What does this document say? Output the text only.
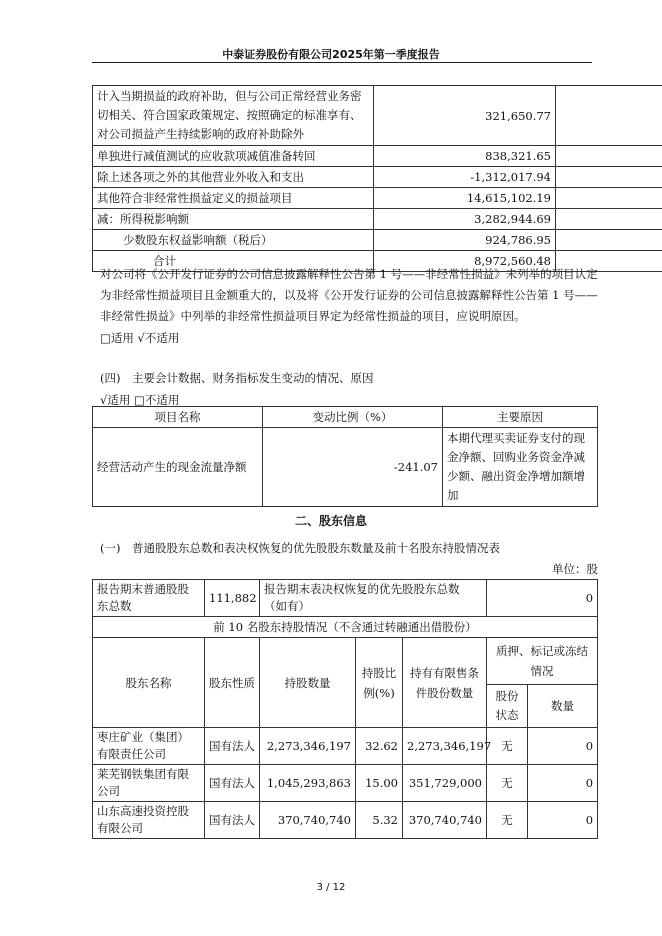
中泰证券股份有限公司2025年第一季度报告
计入当期损益的政府补助，但与公司正常经营业务密切相关、符合国家政策规定、按照确定的标准享有、对公司损益产生持续影响的政府补助除外	321,650.77	
单独进行减值测试的应收款项减值准备转回	838,321.65	
除上述各项之外的其他营业外收入和支出	-1,312,017.94	
其他符合非经常性损益定义的损益项目	14,615,102.19	
减：所得税影响额	3,282,944.69	
少数股东权益影响额（税后）	924,786.95	
合计	8,972,560.48	
对公司将《公开发行证券的公司信息披露解释性公告第 1 号——非经常性损益》未列举的项目认定为非经常性损益项目且金额重大的，以及将《公开发行证券的公司信息披露解释性公告第 1 号——非经常性损益》中列举的非经常性损益项目界定为经常性损益的项目，应说明原因。
□适用 √不适用
(四)　主要会计数据、财务指标发生变动的情况、原因
√适用 □不适用
项目名称	变动比例（%）	主要原因
经营活动产生的现金流量净额	-241.07	本期代理买卖证券支付的现金净额、回购业务资金净减少额、融出资金净增加额增加
二、股东信息
(一)　普通股股东总数和表决权恢复的优先股股东数量及前十名股东持股情况表
单位：股
报告期末普通股股东总数	111,882	报告期末表决权恢复的优先股股东总数（如有）			0	
前 10 名股东持股情况（不含通过转融通出借股份）						
股东名称	股东性质	持股数量	持股比例(%)	持有有限售条件股份数量	质押、标记或冻结情况	
					股份状态	数量
枣庄矿业（集团）有限责任公司	国有法人	2,273,346,197	32.62	2,273,346,197	无	0
莱芜钢铁集团有限公司	国有法人	1,045,293,863	15.00	351,729,000	无	0
山东高速投资控股有限公司	国有法人	370,740,740	5.32	370,740,740	无	0
3 / 12
